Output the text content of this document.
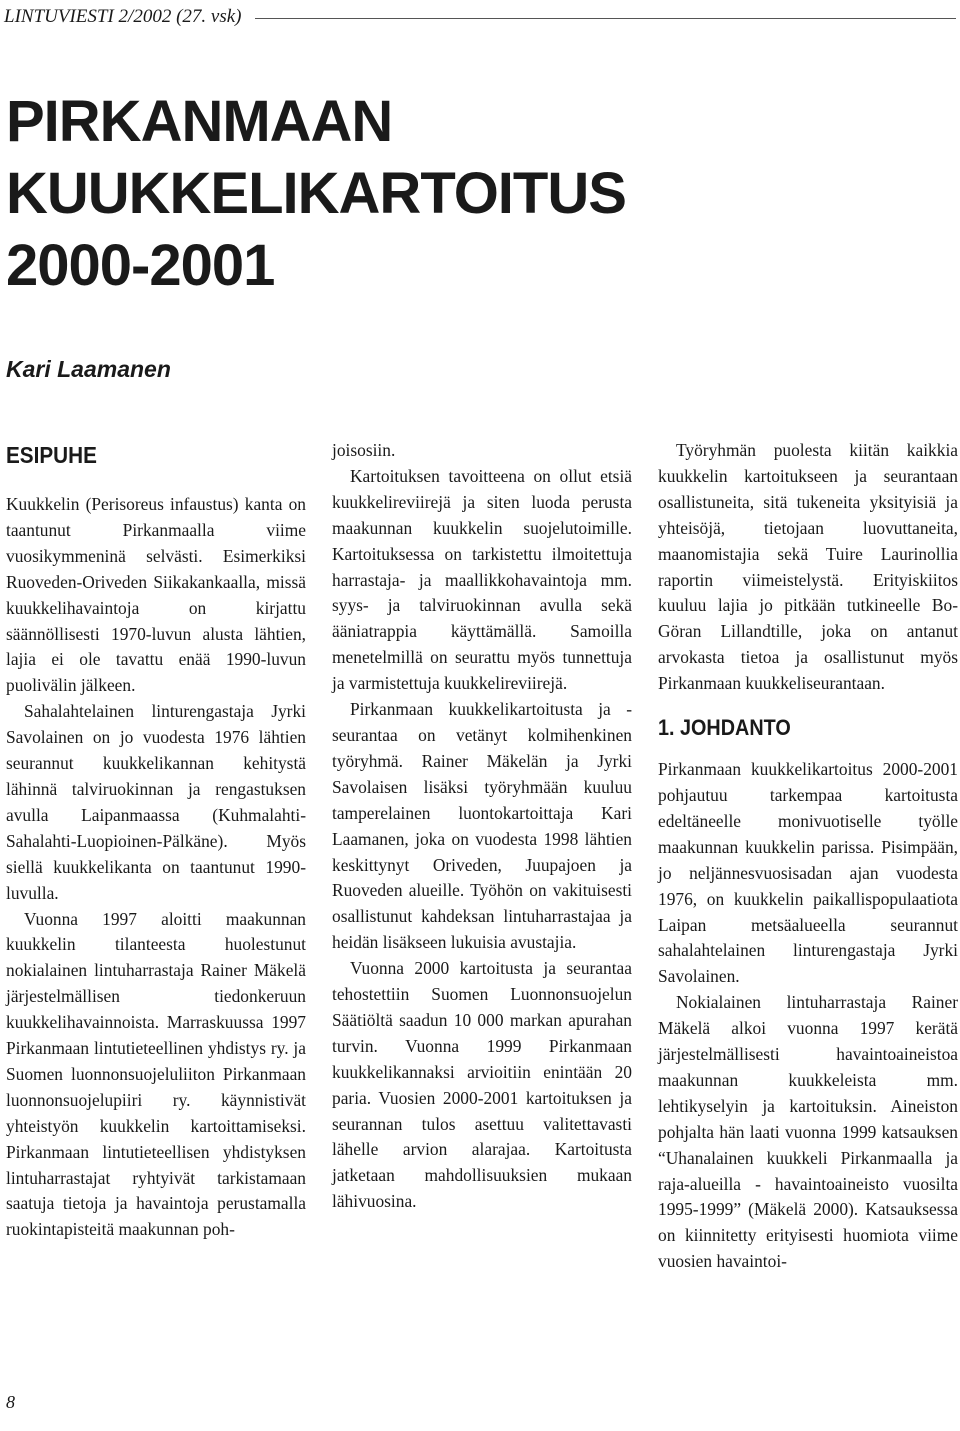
LINTUVIESTI 2/2002 (27. vsk)
PIRKANMAAN
KUUKKELIKARTOITUS
2000-2001
Kari Laamanen
ESIPUHE

Kuukkelin (Perisoreus infaustus) kanta on taantunut Pirkanmaalla viime vuosikymmeninä selvästi. Esimerkiksi Ruoveden-Oriveden Siikakankaalla, missä kuukkelihavaintoja on kirjattu säännöllisesti 1970-luvun alusta lähtien, lajia ei ole tavattu enää 1990-luvun puolivälin jälkeen.

Sahalahtelainen linturengastaja Jyrki Savolainen on jo vuodesta 1976 lähtien seurannut kuukkelikannan kehitystä lähinnä talviruokinnan ja rengastuksen avulla Laipanmaassa (Kuhmalahti-Sahalahti-Luopioinen-Pälkäne). Myös siellä kuukkelikanta on taantunut 1990-luvulla.

Vuonna 1997 aloitti maakunnan kuukkelin tilanteesta huolestunut nokialainen lintuharrastaja Rainer Mäkelä järjestelmällisen tiedonkeruun kuukkelihavainnoista. Marraskuussa 1997 Pirkanmaan lintutieteellinen yhdistys ry. ja Suomen luonnonsuojeluliiton Pirkanmaan luonnonsuojelupiiri ry. käynnistivät yhteistyön kuukkelin kartoittamiseksi. Pirkanmaan lintutieteellisen yhdistyksen lintuharrastajat ryhtyivät tarkistamaan saatuja tietoja ja havaintoja perustamalla ruokintapisteitä maakunnan poh-

joisosiin.

Kartoituksen tavoitteena on ollut etsiä kuukkelireviirejä ja siten luoda perusta maakunnan kuukkelin suojelutoimille. Kartoituksessa on tarkistettu ilmoitettuja harrastaja- ja maallikkohavaintoja mm. syys- ja talviruokinnan avulla sekä ääniatrappia käyttämällä. Samoilla menetelmillä on seurattu myös tunnettuja ja varmistettuja kuukkelireviirejä.

Pirkanmaan kuukkelikartoitusta ja -seurantaa on vetänyt kolmihenkinen työryhmä. Rainer Mäkelän ja Jyrki Savolaisen lisäksi työryhmään kuuluu tamperelainen luontokartoittaja Kari Laamanen, joka on vuodesta 1998 lähtien keskittynyt Oriveden, Juupajoen ja Ruoveden alueille. Työhön on vakituisesti osallistunut kahdeksan lintuharrastajaa ja heidän lisäkseen lukuisia avustajia.

Vuonna 2000 kartoitusta ja seurantaa tehostettiin Suomen Luonnonsuojelun Säätiöltä saadun 10 000 markan apurahan turvin. Vuonna 1999 Pirkanmaan kuukkelikannaksi arvioitiin enintään 20 paria. Vuosien 2000-2001 kartoituksen ja seurannan tulos asettuu valitettavasti lähelle arvion alarajaa. Kartoitusta jatketaan mahdollisuuksien mukaan lähivuosina.

Työryhmän puolesta kiitän kaikkia kuukkelin kartoitukseen ja seurantaan osallistuneita, sitä tukeneita yksityisiä ja yhteisöjä, tietojaan luovuttaneita, maanomistajia sekä Tuire Laurinollia raportin viimeistelystä. Erityiskiitos kuuluu lajia jo pitkään tutkineelle Bo-Göran Lillandtille, joka on antanut arvokasta tietoa ja osallistunut myös Pirkanmaan kuukkeliseurantaan.

1. JOHDANTO

Pirkanmaan kuukkelikartoitus 2000-2001 pohjautuu tarkempaa kartoitusta edeltäneelle monivuotiselle työlle maakunnan kuukkelin parissa. Pisimpään, jo neljännesvuosisadan ajan vuodesta 1976, on kuukkelin paikallispopulaatiota Laipan metsäalueella seurannut sahalahtelainen linturengastaja Jyrki Savolainen.

Nokialainen lintuharrastaja Rainer Mäkelä alkoi vuonna 1997 kerätä järjestelmällisesti havaintoaineistoa maakunnan kuukkeleista mm. lehtikyselyin ja kartoituksin. Aineiston pohjalta hän laati vuonna 1999 katsauksen “Uhanalainen kuukkeli Pirkanmaalla ja raja-alueilla - havaintoaineisto vuosilta 1995-1999” (Mäkelä 2000). Katsauksessa on kiinnitetty erityisesti huomiota viime vuosien havaintoi-

8
